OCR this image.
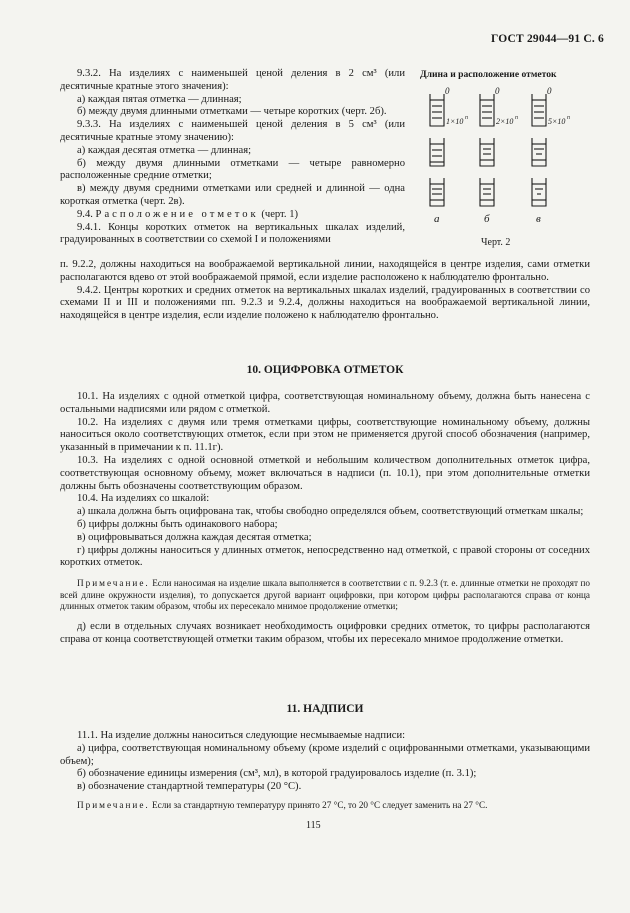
ГОСТ 29044—91 С. 6

9.3.2. На изделиях с наименьшей ценой деления в 2 см³ (или десятичные кратные этого значения):

а) каждая пятая отметка — длинная;

б) между двумя длинными отметками — четыре коротких (черт. 2б).

9.3.3. На изделиях с наименьшей ценой деления в 5 см³ (или десятичные кратные этому значению):

а) каждая десятая отметка — длинная;

б) между двумя длинными отметками — четыре равномерно расположенные средние отметки;

в) между двумя средними отметками или средней и длинной — одна короткая отметка (черт. 2в).

9.4. Расположение отметок (черт. 1)

9.4.1. Концы коротких отметок на вертикальных шкалах изделий, градуированных в соответствии со схемой I и положениями

Длина и расположение отметок
0	0	0
1×10 n	2×10 n	5×10 n
а	б	в
Черт. 2

п. 9.2.2, должны находиться на воображаемой вертикальной линии, находящейся в центре изделия, сами отметки располагаются вдево от этой воображаемой прямой, если изделие расположено к наблюдателю фронтально.

9.4.2. Центры коротких и средних отметок на вертикальных шкалах изделий, градуированных в соответствии со схемами II и III и положениями пп. 9.2.3 и 9.2.4, должны находиться на воображаемой вертикальной линии, находящейся в центре изделия, если изделие положено к наблюдателю фронтально.

10. ОЦИФРОВКА ОТМЕТОК

10.1. На изделиях с одной отметкой цифра, соответствующая номинальному объему, должна быть нанесена с остальными надписями или рядом с отметкой.

10.2. На изделиях с двумя или тремя отметками цифры, соответствующие номинальному объему, должны наноситься около соответствующих отметок, если при этом не применяется другой способ обозначения (например, указанный в примечании к п. 11.1г).

10.3. На изделиях с одной основной отметкой и небольшим количеством дополнительных отметок цифра, соответствующая основному объему, может включаться в надписи (п. 10.1), при этом дополнительные отметки должны быть обозначены соответствующим образом.

10.4. На изделиях со шкалой:

а) шкала должна быть оцифрована так, чтобы свободно определялся объем, соответствующий отметкам шкалы;

б) цифры должны быть одинакового набора;

в) оцифровываться должна каждая десятая отметка;

г) цифры должны наноситься у длинных отметок, непосредственно над отметкой, с правой стороны от соседних коротких отметок.

Примечание. Если наносимая на изделие шкала выполняется в соответствии с п. 9.2.3 (т. е. длинные отметки не проходят по всей длине окружности изделия), то допускается другой вариант оцифровки, при котором цифры располагаются справа от конца длинных отметок таким образом, чтобы их пересекало мнимое продолжение отметки;

д) если в отдельных случаях возникает необходимость оцифровки средних отметок, то цифры располагаются справа от конца соответствующей отметки таким образом, чтобы их пересекало мнимое продолжение отметки.

11. НАДПИСИ

11.1. На изделие должны наноситься следующие несмываемые надписи:

а) цифра, соответствующая номинальному объему (кроме изделий с оцифрованными отметками, указывающими объем);

б) обозначение единицы измерения (см³, мл), в которой градуировалось изделие (п. 3.1);

в) обозначение стандартной температуры (20 °С).

Примечание. Если за стандартную температуру принято 27 °С, то 20 °С следует заменить на 27 °С.

115
